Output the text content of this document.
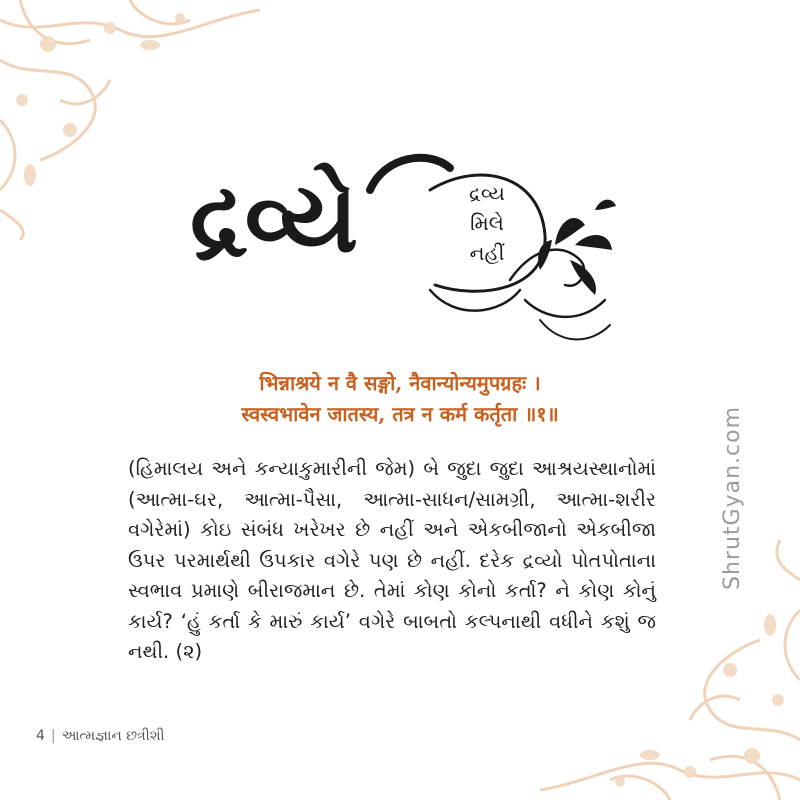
દ્રવ્યે	દ્રવ્ય
મિલે
નહીં
भिन्नाश्रये न वै सङ्गो, नैवान्योन्यमुपग्रहः ।
स्वस्वभावेन जातस्य, तत्र न कर्म कर्तृता ॥१॥
(હિમાલય અને કન્યાકુમારીની જેમ) બે જુદા જુદા આશ્રયસ્થાનોમાં (આત્મા-ઘર, આત્મા-પૈસા, આત્મા-સાધન/સામગ્રી, આત્મા-શરીર વગેરેમાં) કોઇ સંબંધ ખરેખર છે નહીં અને એકબીજાનો એકબીજા ઉપર પરમાર્થથી ઉપકાર વગેરે પણ છે નહીં. દરેક દ્રવ્યો પોતપોતાના સ્વભાવ પ્રમાણે બીરાજમાન છે. તેમાં કોણ કોનો કર્તા? ને કોણ કોનું કાર્ય? ‘હું કર્તા કે મારું કાર્ય’ વગેરે બાબતો કલ્પનાથી વધીને કશું જ નથી. (૨)
4 | આત્મજ્ઞાન છત્રીશી
ShrutGyan.com
